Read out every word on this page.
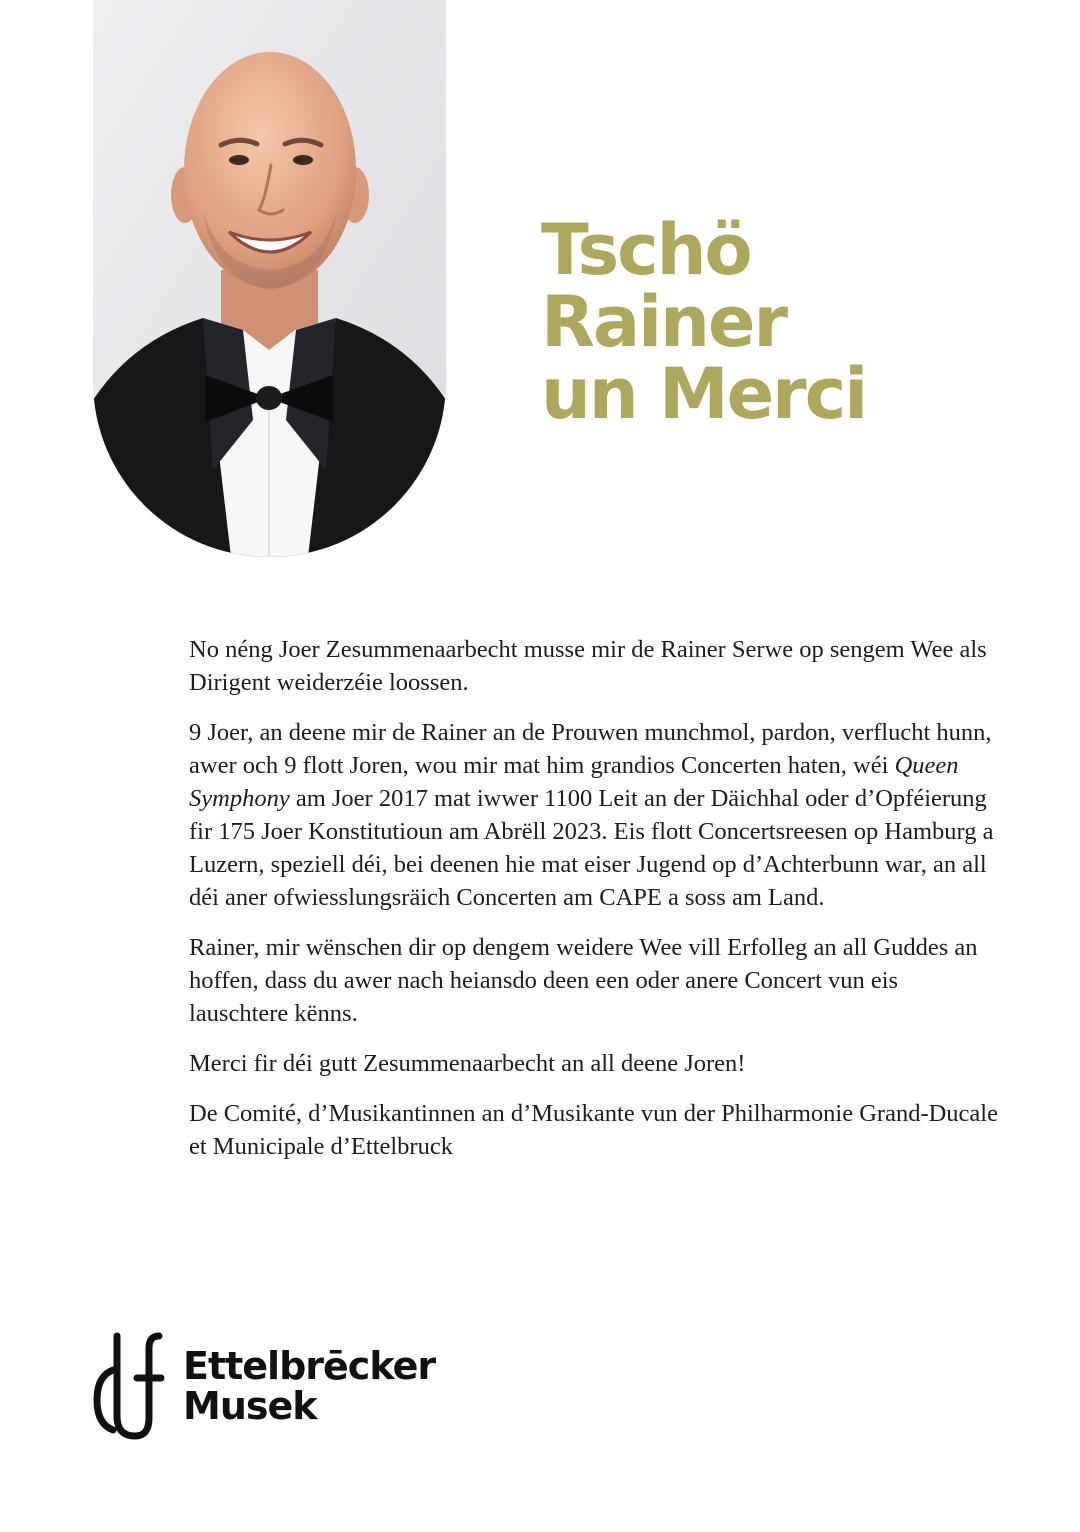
Tschö
Rainer
un Merci

No néng Joer Zesummenaarbecht musse mir de Rainer Serwe op sengem Wee als Dirigent weiderzéie loossen.

9 Joer, an deene mir de Rainer an de Prouwen munchmol, pardon, verflucht hunn, awer och 9 flott Joren, wou mir mat him grandios Concerten haten, wéi Queen Symphony am Joer 2017 mat iwwer 1100 Leit an der Däichhal oder d’Opféierung fir 175 Joer Konstitutioun am Abrëll 2023. Eis flott Concertsreesen op Hamburg a Luzern, speziell déi, bei deenen hie mat eiser Jugend op d’Achterbunn war, an all déi aner ofwiesslungsräich Concerten am CAPE a soss am Land.

Rainer, mir wënschen dir op dengem weidere Wee vill Erfolleg an all Guddes an hoffen, dass du awer nach heiansdo deen een oder anere Concert vun eis lauschtere kënns.

Merci fir déi gutt Zesummenaarbecht an all deene Joren!

De Comité, d’Musikantinnen an d’Musikante vun der Philharmonie Grand-Ducale et Municipale d’Ettelbruck

Ettelbrēcker
Musek
